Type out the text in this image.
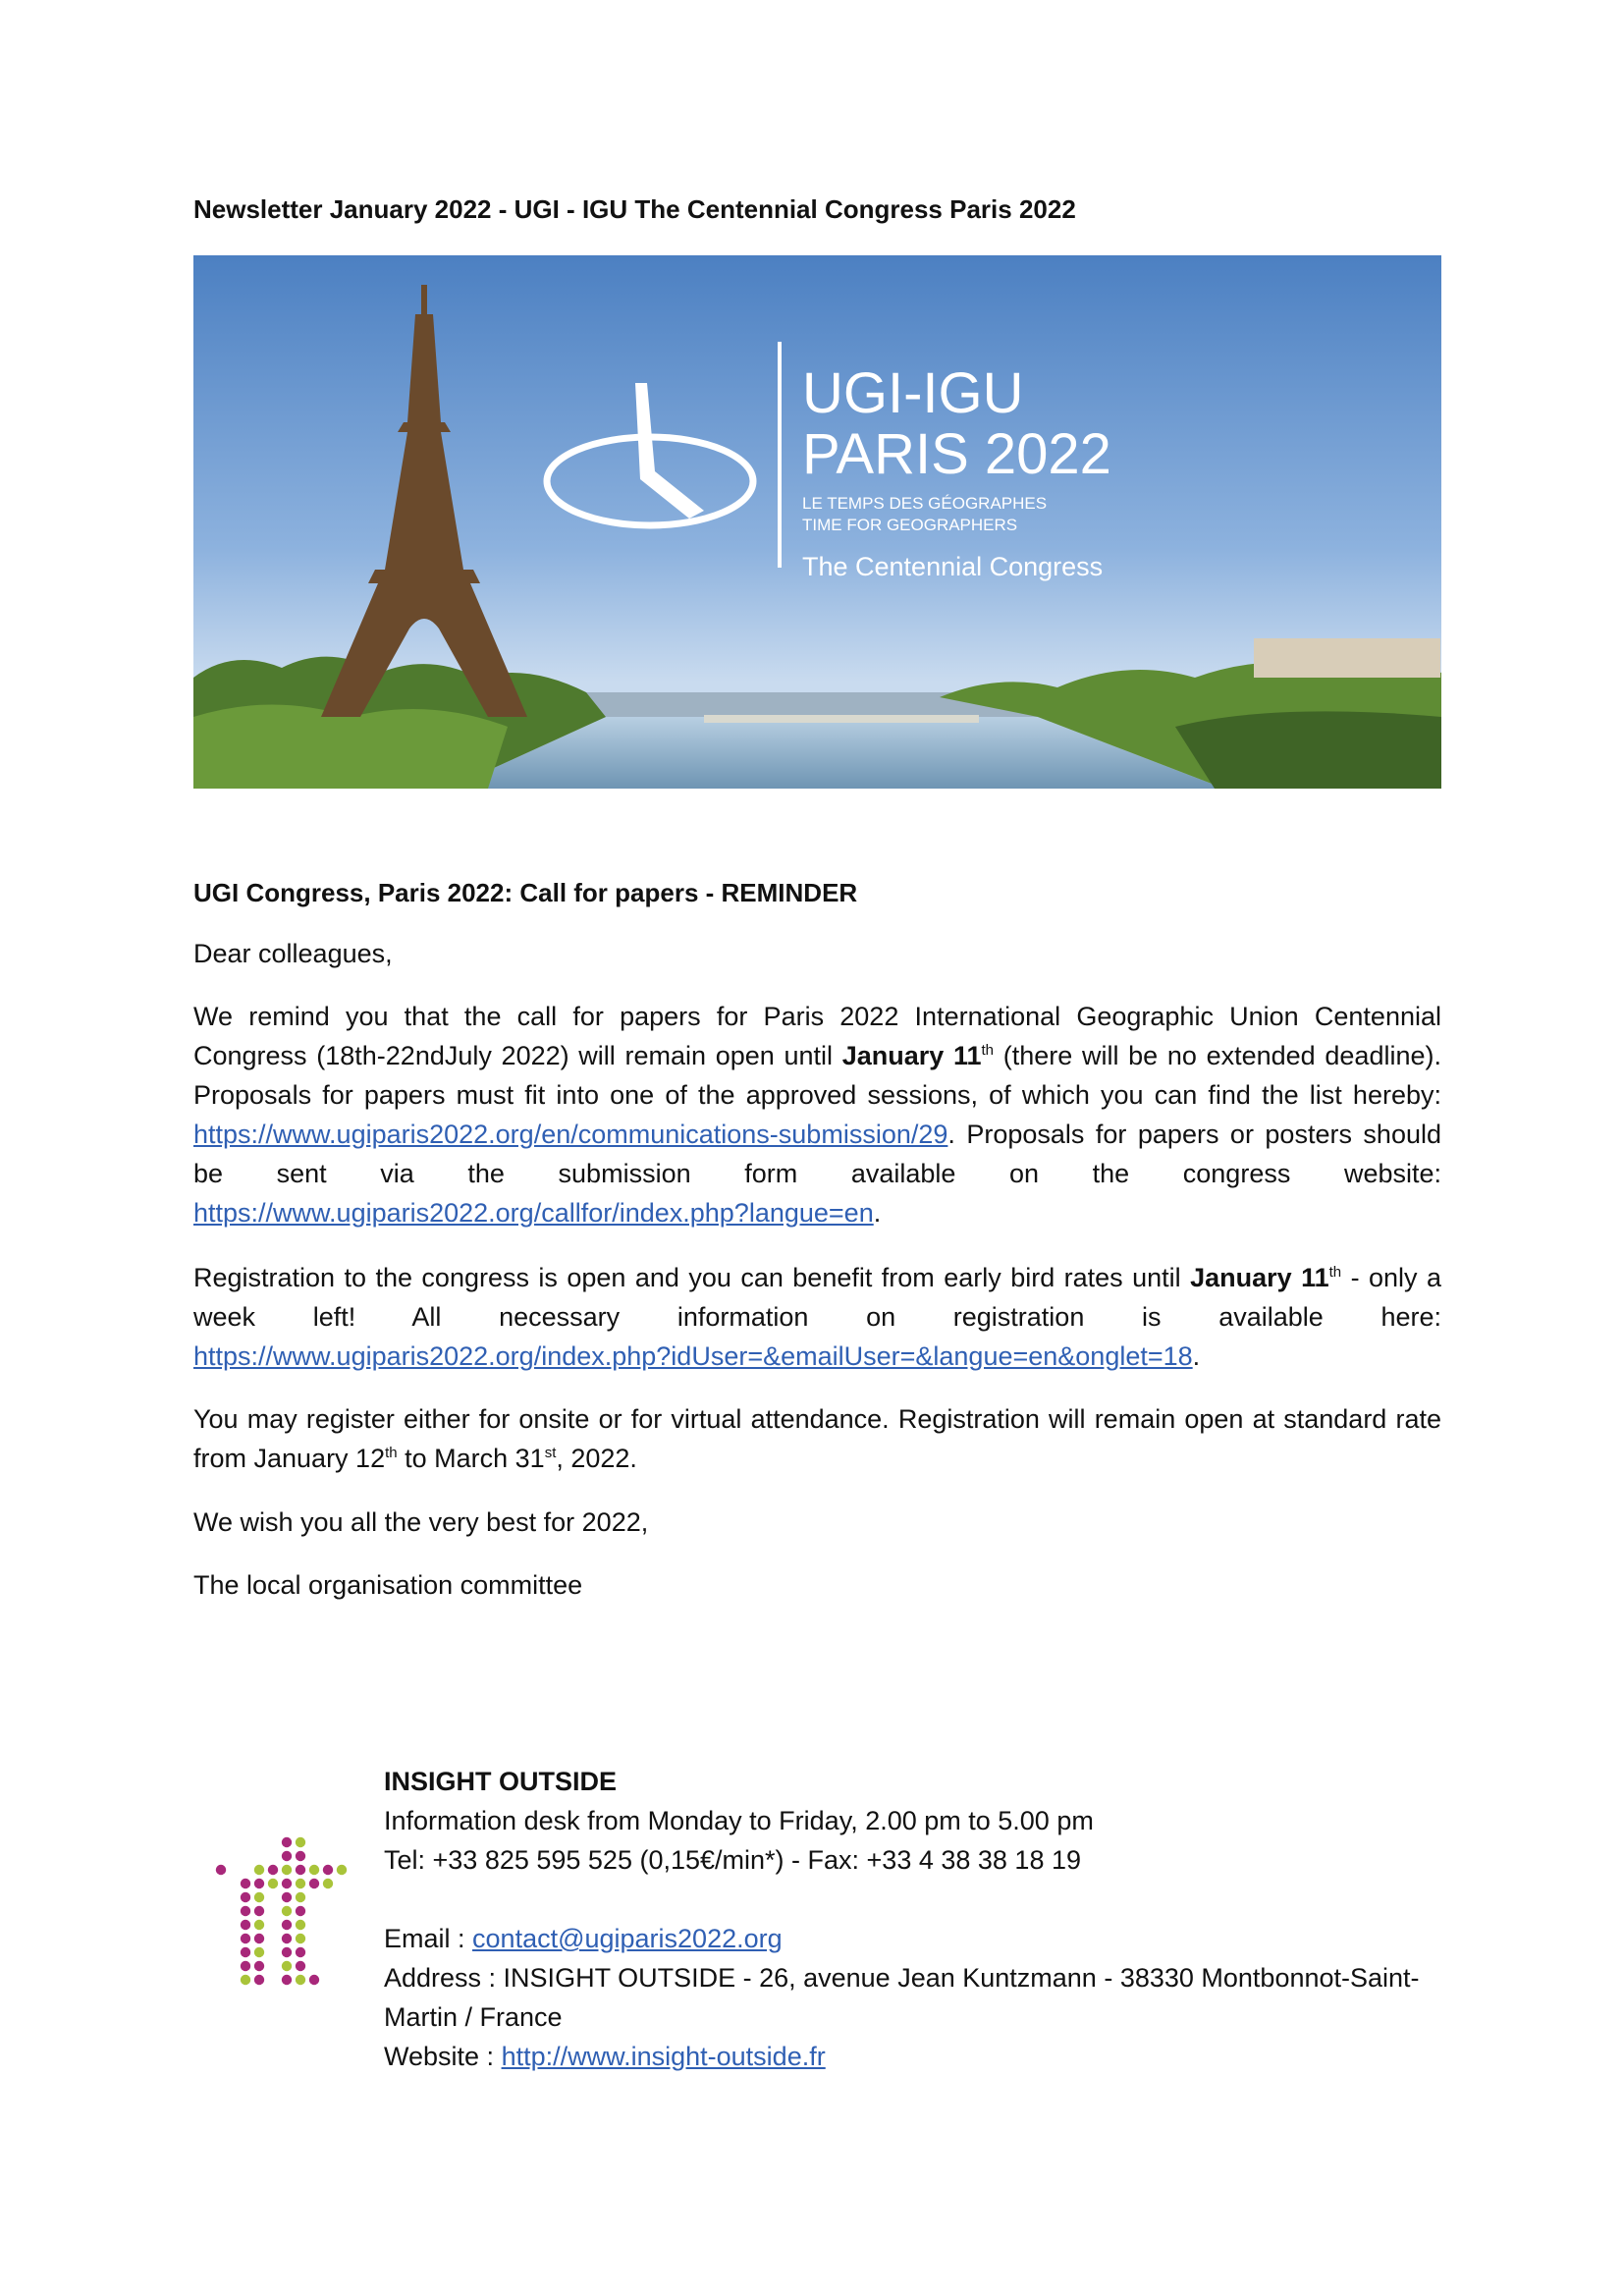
Newsletter January 2022 - UGI - IGU The Centennial Congress Paris 2022
UGI-IGU
PARIS 2022
LE TEMPS DES GÉOGRAPHES
TIME FOR GEOGRAPHERS
The Centennial Congress
UGI Congress, Paris 2022: Call for papers - REMINDER
Dear colleagues,
We remind you that the call for papers for Paris 2022 International Geographic Union Centennial Congress (18th-22ndJuly 2022) will remain open until January 11th (there will be no extended deadline). Proposals for papers must fit into one of the approved sessions, of which you can find the list hereby: https://www.ugiparis2022.org/en/communications-submission/29. Proposals for papers or posters should be sent via the submission form available on the congress website: https://www.ugiparis2022.org/callfor/index.php?langue=en.
Registration to the congress is open and you can benefit from early bird rates until January 11th - only a week left! All necessary information on registration is available here: https://www.ugiparis2022.org/index.php?idUser=&emailUser=&langue=en&onglet=18.
You may register either for onsite or for virtual attendance. Registration will remain open at standard rate from January 12th to March 31st, 2022.
We wish you all the very best for 2022,
The local organisation committee
INSIGHT OUTSIDE
Information desk from Monday to Friday, 2.00 pm to 5.00 pm
Tel: +33 825 595 525 (0,15€/min*) - Fax: +33 4 38 38 18 19
Email : contact@ugiparis2022.org
Address : INSIGHT OUTSIDE - 26, avenue Jean Kuntzmann - 38330 Montbonnot-Saint-Martin / France
Website : http://www.insight-outside.fr
